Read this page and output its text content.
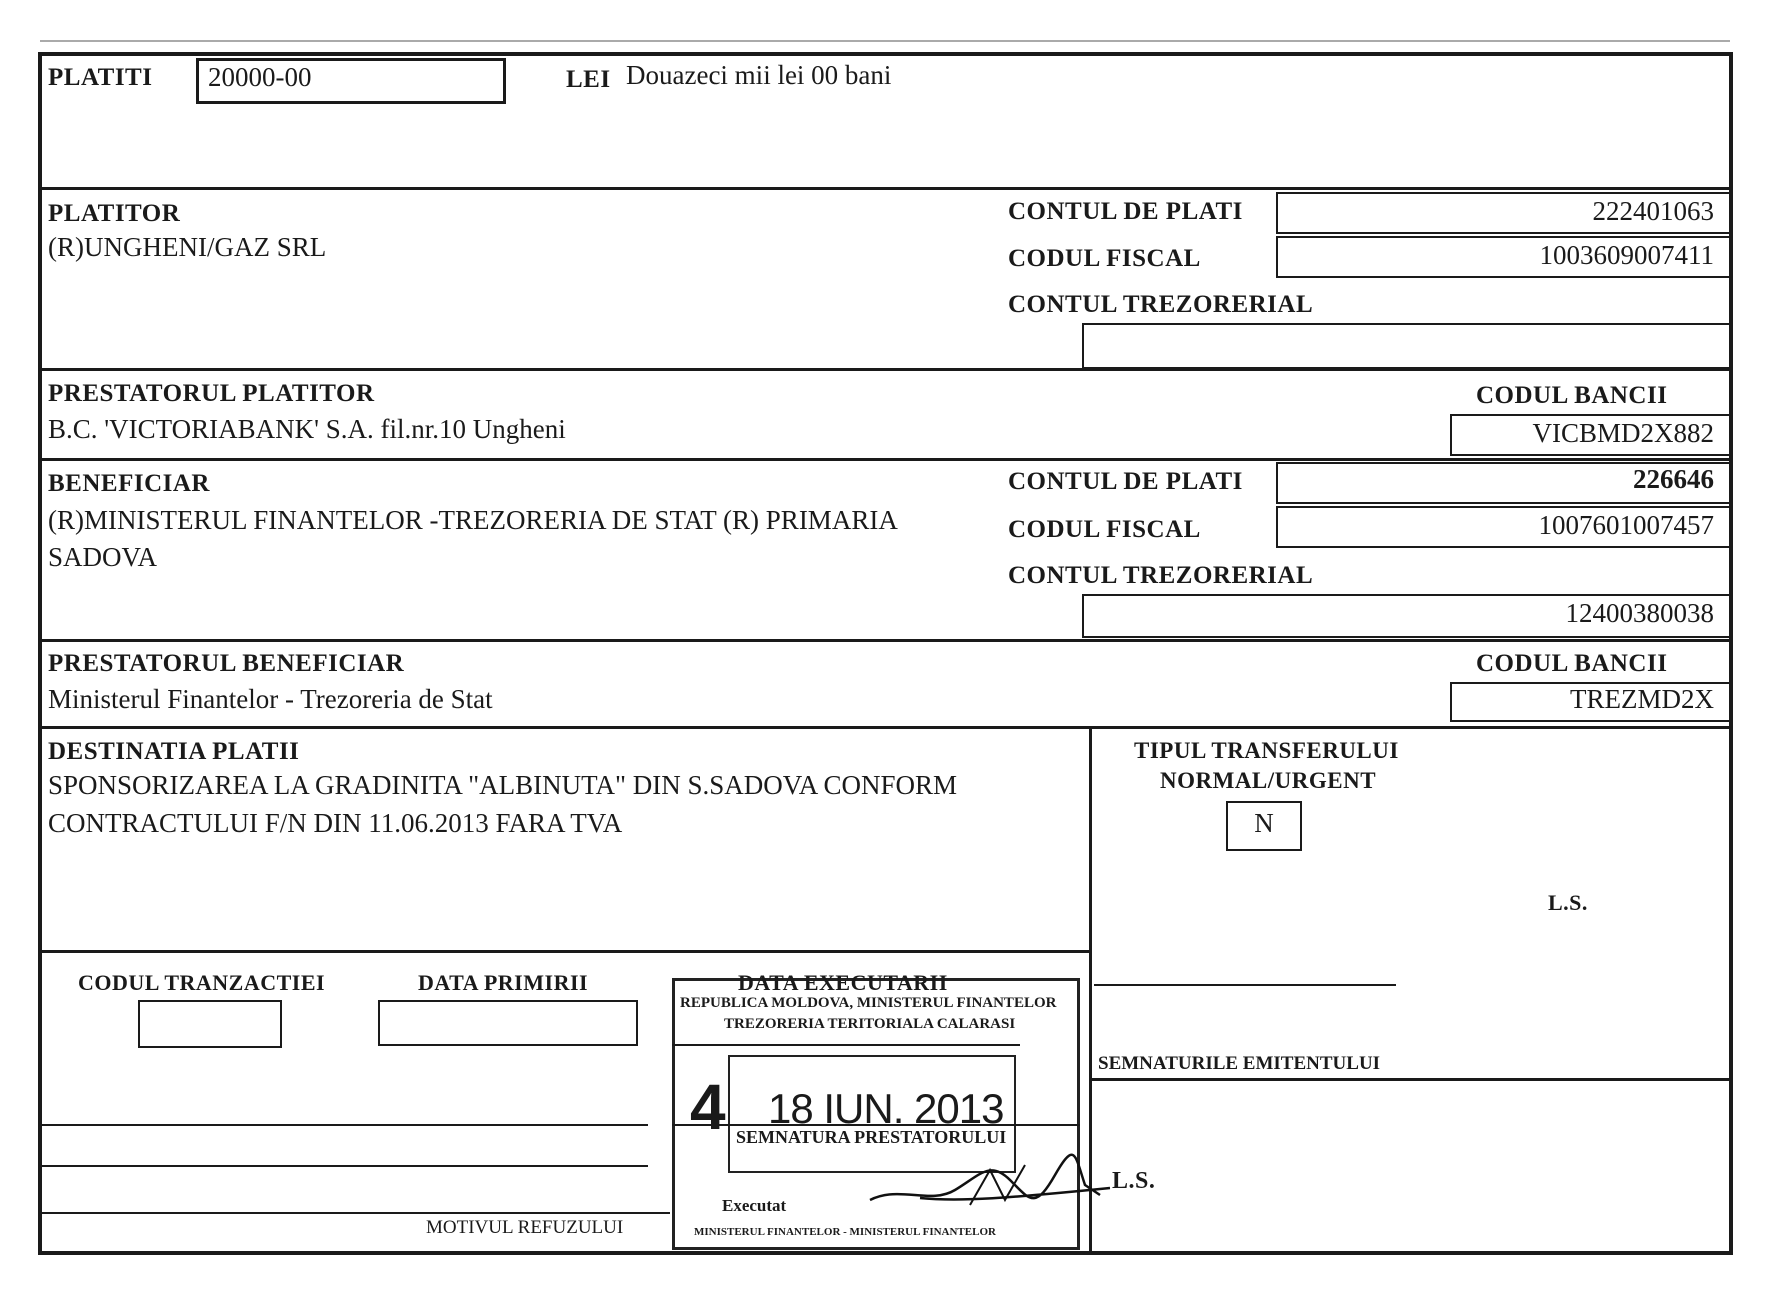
PLATITI 20000-00	LEI Douazeci mii lei 00 bani
PLATITOR
(R)UNGHENI/GAZ SRL
CONTUL DE PLATI	222401063
CODUL FISCAL	1003609007411
CONTUL TREZORERIAL
PRESTATORUL PLATITOR
B.C. 'VICTORIABANK' S.A. fil.nr.10 Ungheni
CODUL BANCII
VICBMD2X882
BENEFICIAR
(R)MINISTERUL FINANTELOR -TREZORERIA DE STAT (R) PRIMARIA
SADOVA
CONTUL DE PLATI	226646
CODUL FISCAL	1007601007457
CONTUL TREZORERIAL
12400380038
PRESTATORUL BENEFICIAR
Ministerul Finantelor - Trezoreria de Stat
CODUL BANCII
TREZMD2X
DESTINATIA PLATII
SPONSORIZAREA LA GRADINITA "ALBINUTA" DIN S.SADOVA CONFORM
CONTRACTULUI F/N DIN 11.06.2013 FARA TVA
TIPUL TRANSFERULUI
NORMAL/URGENT
N
L.S.
SEMNATURILE EMITENTULUI
CODUL TRANZACTIEI	DATA PRIMIRII
MOTIVUL REFUZULUI
DATA EXECUTARII
REPUBLICA MOLDOVA, MINISTERUL FINANTELOR
TREZORERIA TERITORIALA CALARASI
4 18 IUN. 2013
SEMNATURA PRESTATORULUI
Executat
MINISTERUL FINANTELOR - MINISTERUL FINANTELOR
L.S.
